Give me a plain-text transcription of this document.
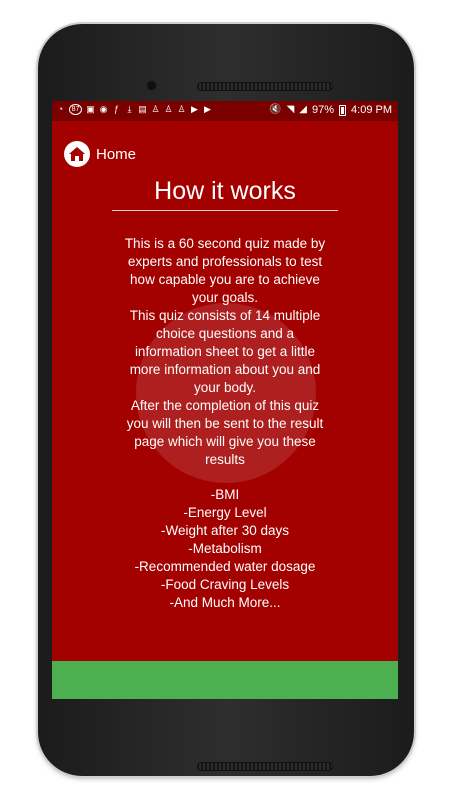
◔	87 ▣ ◉ ƒ ⤓ ▤ ♙ ♙ ♙ ▶ ▶	🔇 ◥ ◢ 97% 4:09 PM
Home
How it works

This is a 60 second quiz made by experts and professionals to test how capable you are to achieve your goals.

This quiz consists of 14 multiple choice questions and a information sheet to get a little more information about you and your body.

After the completion of this quiz you will then be sent to the result page which will give you these results

-BMI
-Energy Level
-Weight after 30 days
-Metabolism
-Recommended water dosage
-Food Craving Levels
-And Much More...
